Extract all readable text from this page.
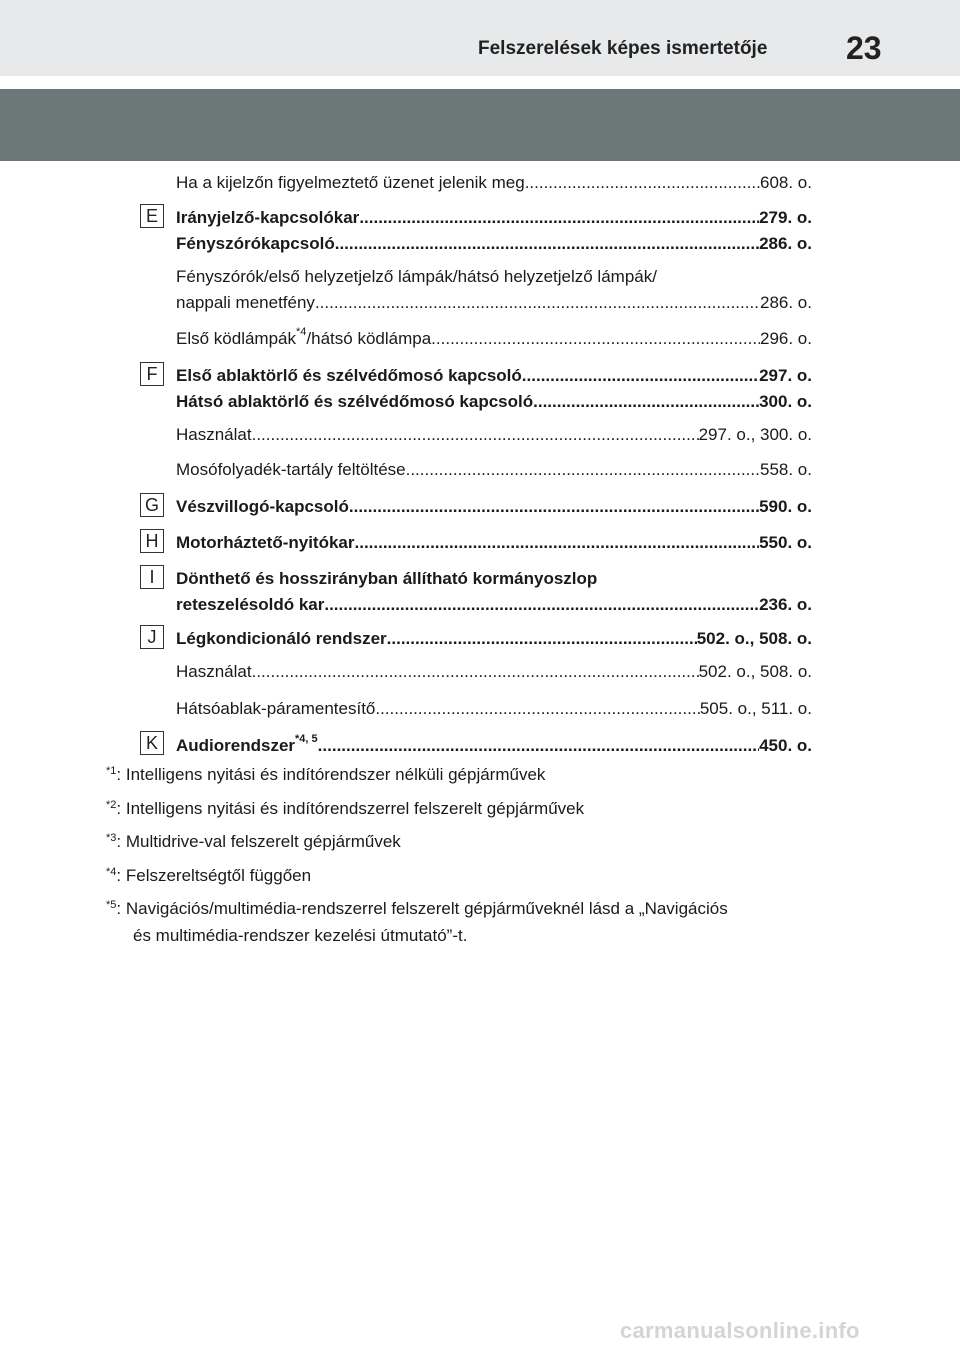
Felszerelések képes ismertetője 23
Ha a kijelzőn figyelmeztető üzenet jelenik meg .....	608. o.
E	Irányjelző-kapcsolókar .....	279. o.
Fényszórókapcsoló .....	286. o.
Fényszórók/első helyzetjelző lámpák/hátsó helyzetjelző lámpák/
nappali menetfény .....	286. o.
Első ködlámpák$^{*4}$/hátsó ködlámpa .....	296. o.
F	Első ablaktörlő és szélvédőmosó kapcsoló .....	297. o.
Hátsó ablaktörlő és szélvédőmosó kapcsoló .....	300. o.
Használat .....	297. o., 300. o.
Mosófolyadék-tartály feltöltése .....	558. o.
G Vészvillogó-kapcsoló .....	590. o.
H	Motorháztető-nyitókar .....	550. o.
I	Dönthető és hosszirányban állítható kormányoszlop
reteszelésoldó kar .....	236. o.
J	Légkondicionáló rendszer .....	502. o., 508. o.
Használat .....	502. o., 508. o.
Hátsóablak-páramentesítő .....	505. o., 511. o.
K	Audiorendszer$^{*4, 5}$ .....	450. o.
$^{*1}$: Intelligens nyitási és indítórendszer nélküli gépjárművek
$^{*2}$: Intelligens nyitási és indítórendszerrel felszerelt gépjárművek
$^{*3}$: Multidrive-val felszerelt gépjárművek
$^{*4}$: Felszereltségtől függően
$^{*5}$: Navigációs/multimédia-rendszerrel felszerelt gépjárműveknél lásd a „Navigációs
és multimédia-rendszer kezelési útmutató”-t.
carmanualsonline.info
